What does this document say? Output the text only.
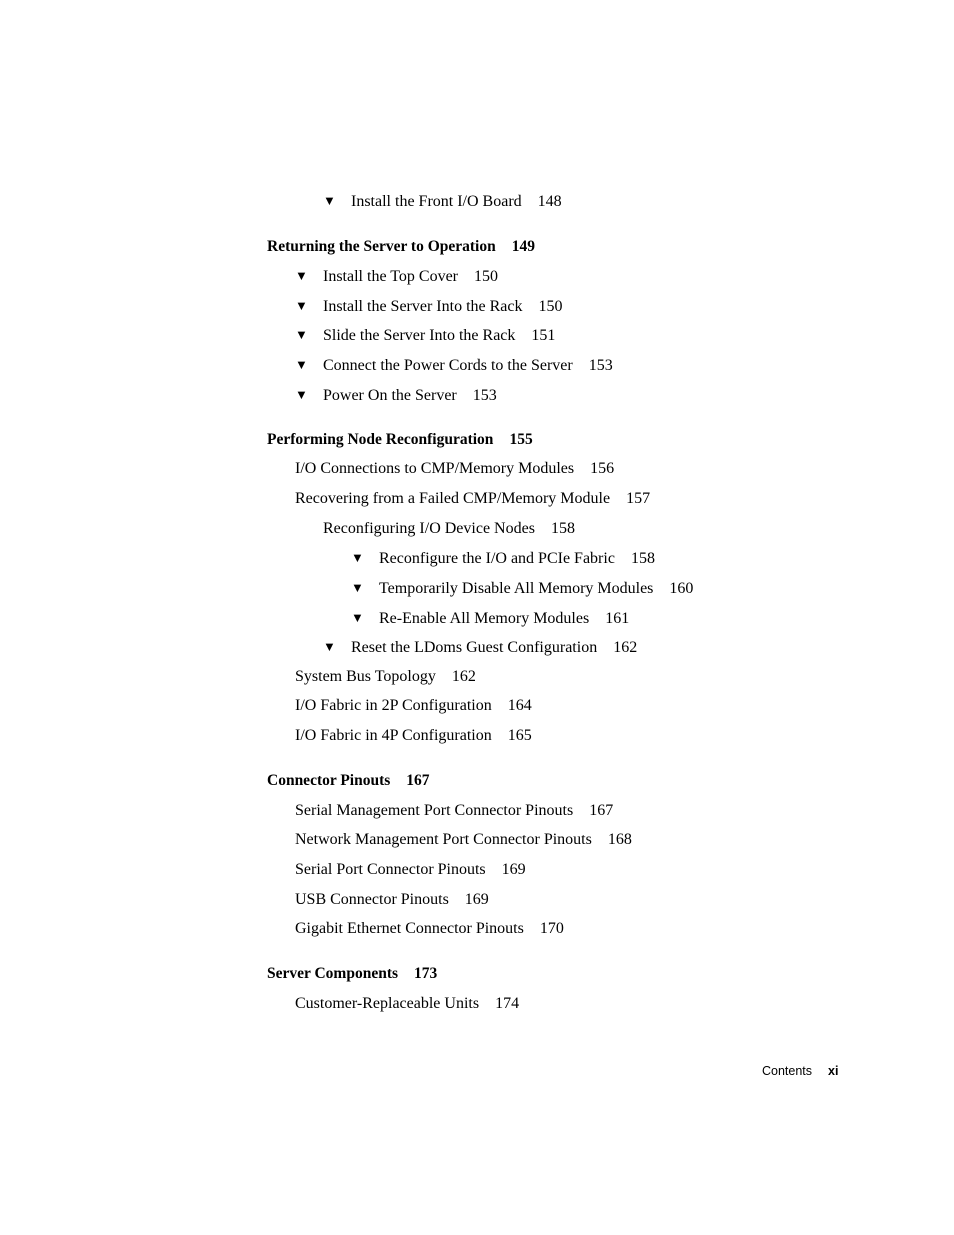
▼ Install the Front I/O Board 148
Returning the Server to Operation 149
▼ Install the Top Cover 150
▼ Install the Server Into the Rack 150
▼ Slide the Server Into the Rack 151
▼ Connect the Power Cords to the Server 153
▼ Power On the Server 153
Performing Node Reconfiguration 155
I/O Connections to CMP/Memory Modules 156
Recovering from a Failed CMP/Memory Module 157
Reconfiguring I/O Device Nodes 158
▼ Reconfigure the I/O and PCIe Fabric 158
▼ Temporarily Disable All Memory Modules 160
▼ Re-Enable All Memory Modules 161
▼ Reset the LDoms Guest Configuration 162
System Bus Topology 162
I/O Fabric in 2P Configuration 164
I/O Fabric in 4P Configuration 165
Connector Pinouts 167
Serial Management Port Connector Pinouts 167
Network Management Port Connector Pinouts 168
Serial Port Connector Pinouts 169
USB Connector Pinouts 169
Gigabit Ethernet Connector Pinouts 170
Server Components 173
Customer-Replaceable Units 174
Contents xi
